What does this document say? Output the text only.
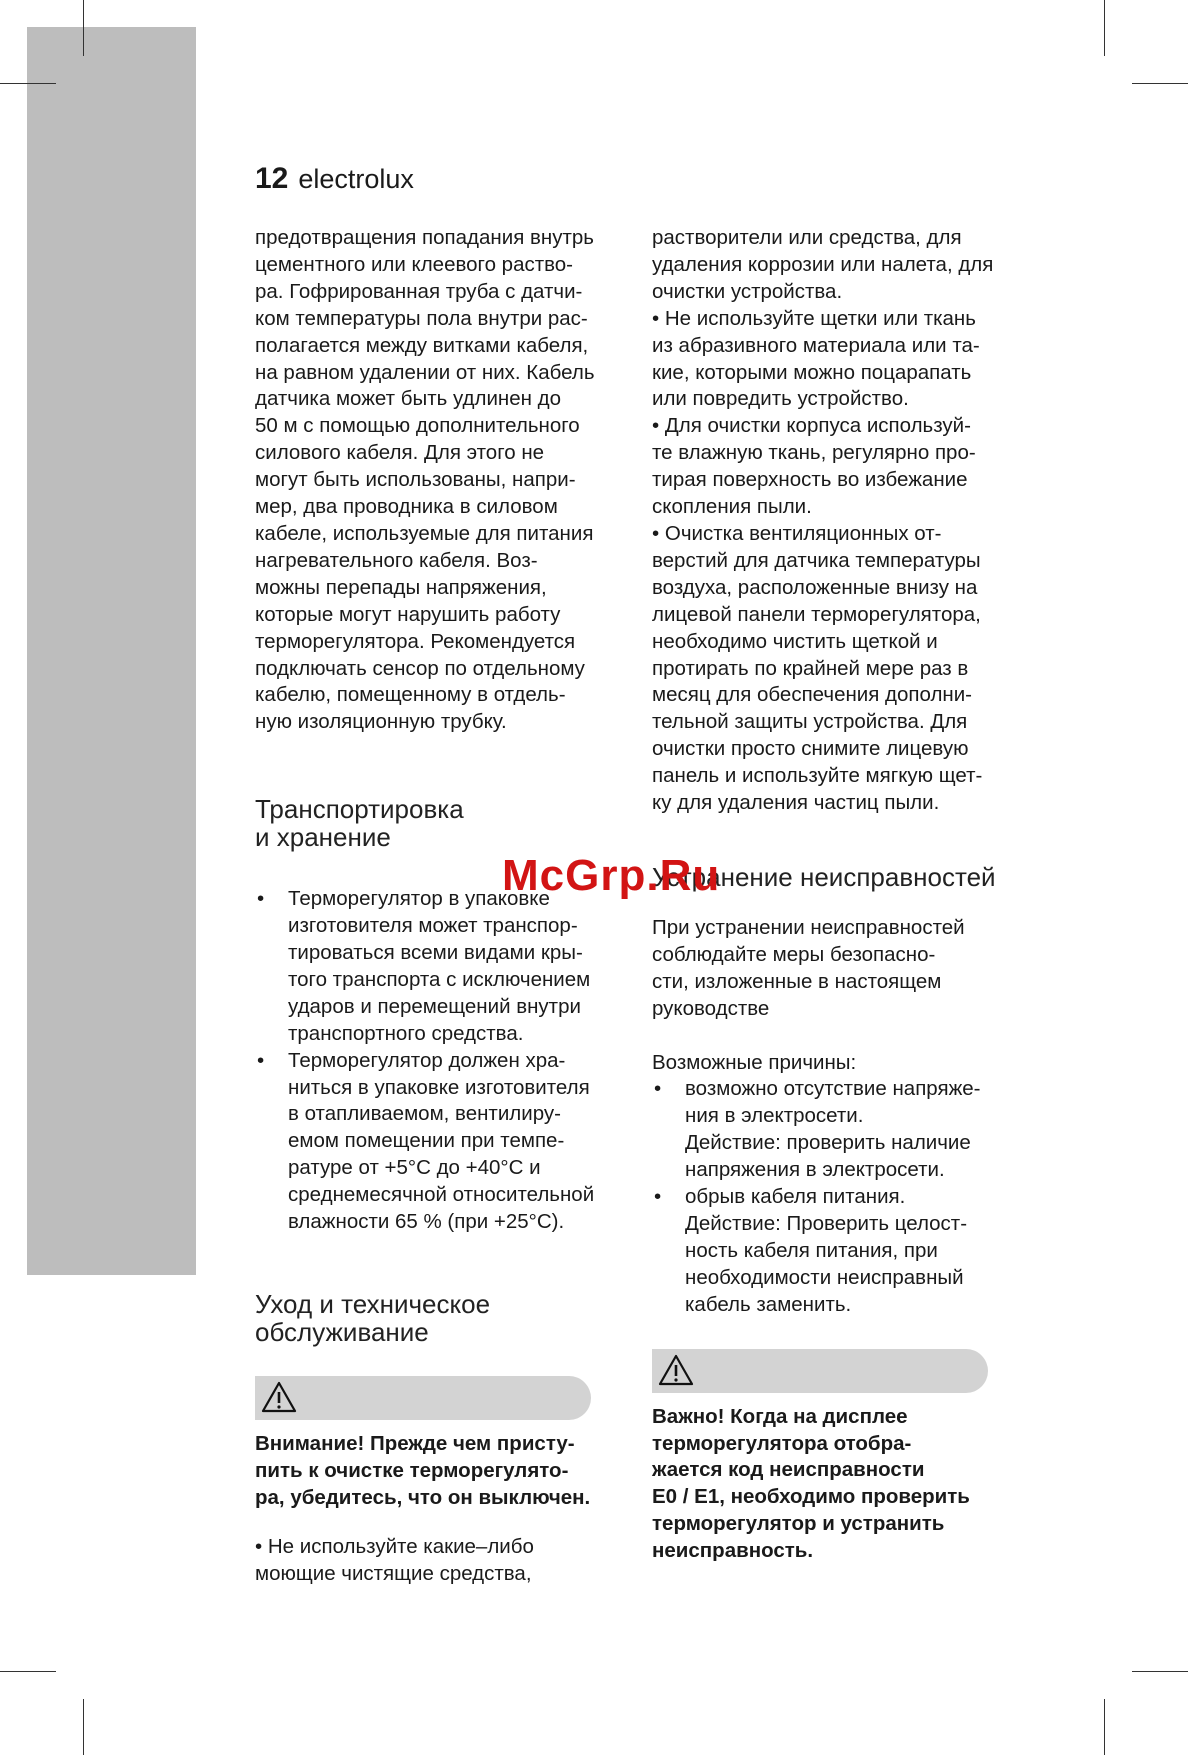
12 electrolux
предотвращения попадания внутрь
цементного или клеевого раство-
ра. Гофрированная труба с датчи-
ком температуры пола внутри рас-
полагается между витками кабеля,
на равном удалении от них. Кабель
датчика может быть удлинен до
50 м с помощью дополнительного
силового кабеля. Для этого не
могут быть использованы, напри-
мер, два проводника в силовом
кабеле, используемые для питания
нагревательного кабеля. Воз-
можны перепады напряжения,
которые могут нарушить работу
терморегулятора. Рекомендуется
подключать сенсор по отдельному
кабелю, помещенному в отдель-
ную изоляционную трубку.
Транспортировка
и хранение
• Терморегулятор в упаковке
изготовителя может транспор-
тироваться всеми видами кры-
того транспорта с исключением
ударов и перемещений внутри
транспортного средства.
• Терморегулятор должен хра-
ниться в упаковке изготовителя
в отапливаемом, вентилиру-
емом помещении при темпе-
ратуре от +5°С до +40°С и
среднемесячной относительной
влажности 65 % (при +25°С).
Уход и техническое
обслуживание
Внимание! Прежде чем присту-
пить к очистке терморегулято-
ра, убедитесь, что он выключен.
• Не используйте какие–либо
моющие чистящие средства,
растворители или средства, для
удаления коррозии или налета, для
очистки устройства.
• Не используйте щетки или ткань
из абразивного материала или та-
кие, которыми можно поцарапать
или повредить устройство.
• Для очистки корпуса используй-
те влажную ткань, регулярно про-
тирая поверхность во избежание
скопления пыли.
• Очистка вентиляционных от-
верстий для датчика температуры
воздуха, расположенные внизу на
лицевой панели терморегулятора,
необходимо чистить щеткой и
протирать по крайней мере раз в
месяц для обеспечения дополни-
тельной защиты устройства. Для
очистки просто снимите лицевую
панель и используйте мягкую щет-
ку для удаления частиц пыли.
Устранение неисправностей
При устранении неисправностей
соблюдайте меры безопасно-
сти, изложенные в настоящем
руководстве
Возможные причины:
• возможно отсутствие напряже-
ния в электросети.
Действие: проверить наличие
напряжения в электросети.
• обрыв кабеля питания.
Действие: Проверить целост-
ность кабеля питания, при
необходимости неисправный
кабель заменить.
Важно! Когда на дисплее
терморегулятора отобра-
жается код неисправности
E0 / E1, необходимо проверить
терморегулятор и устранить
неисправность.
McGrp.Ru
